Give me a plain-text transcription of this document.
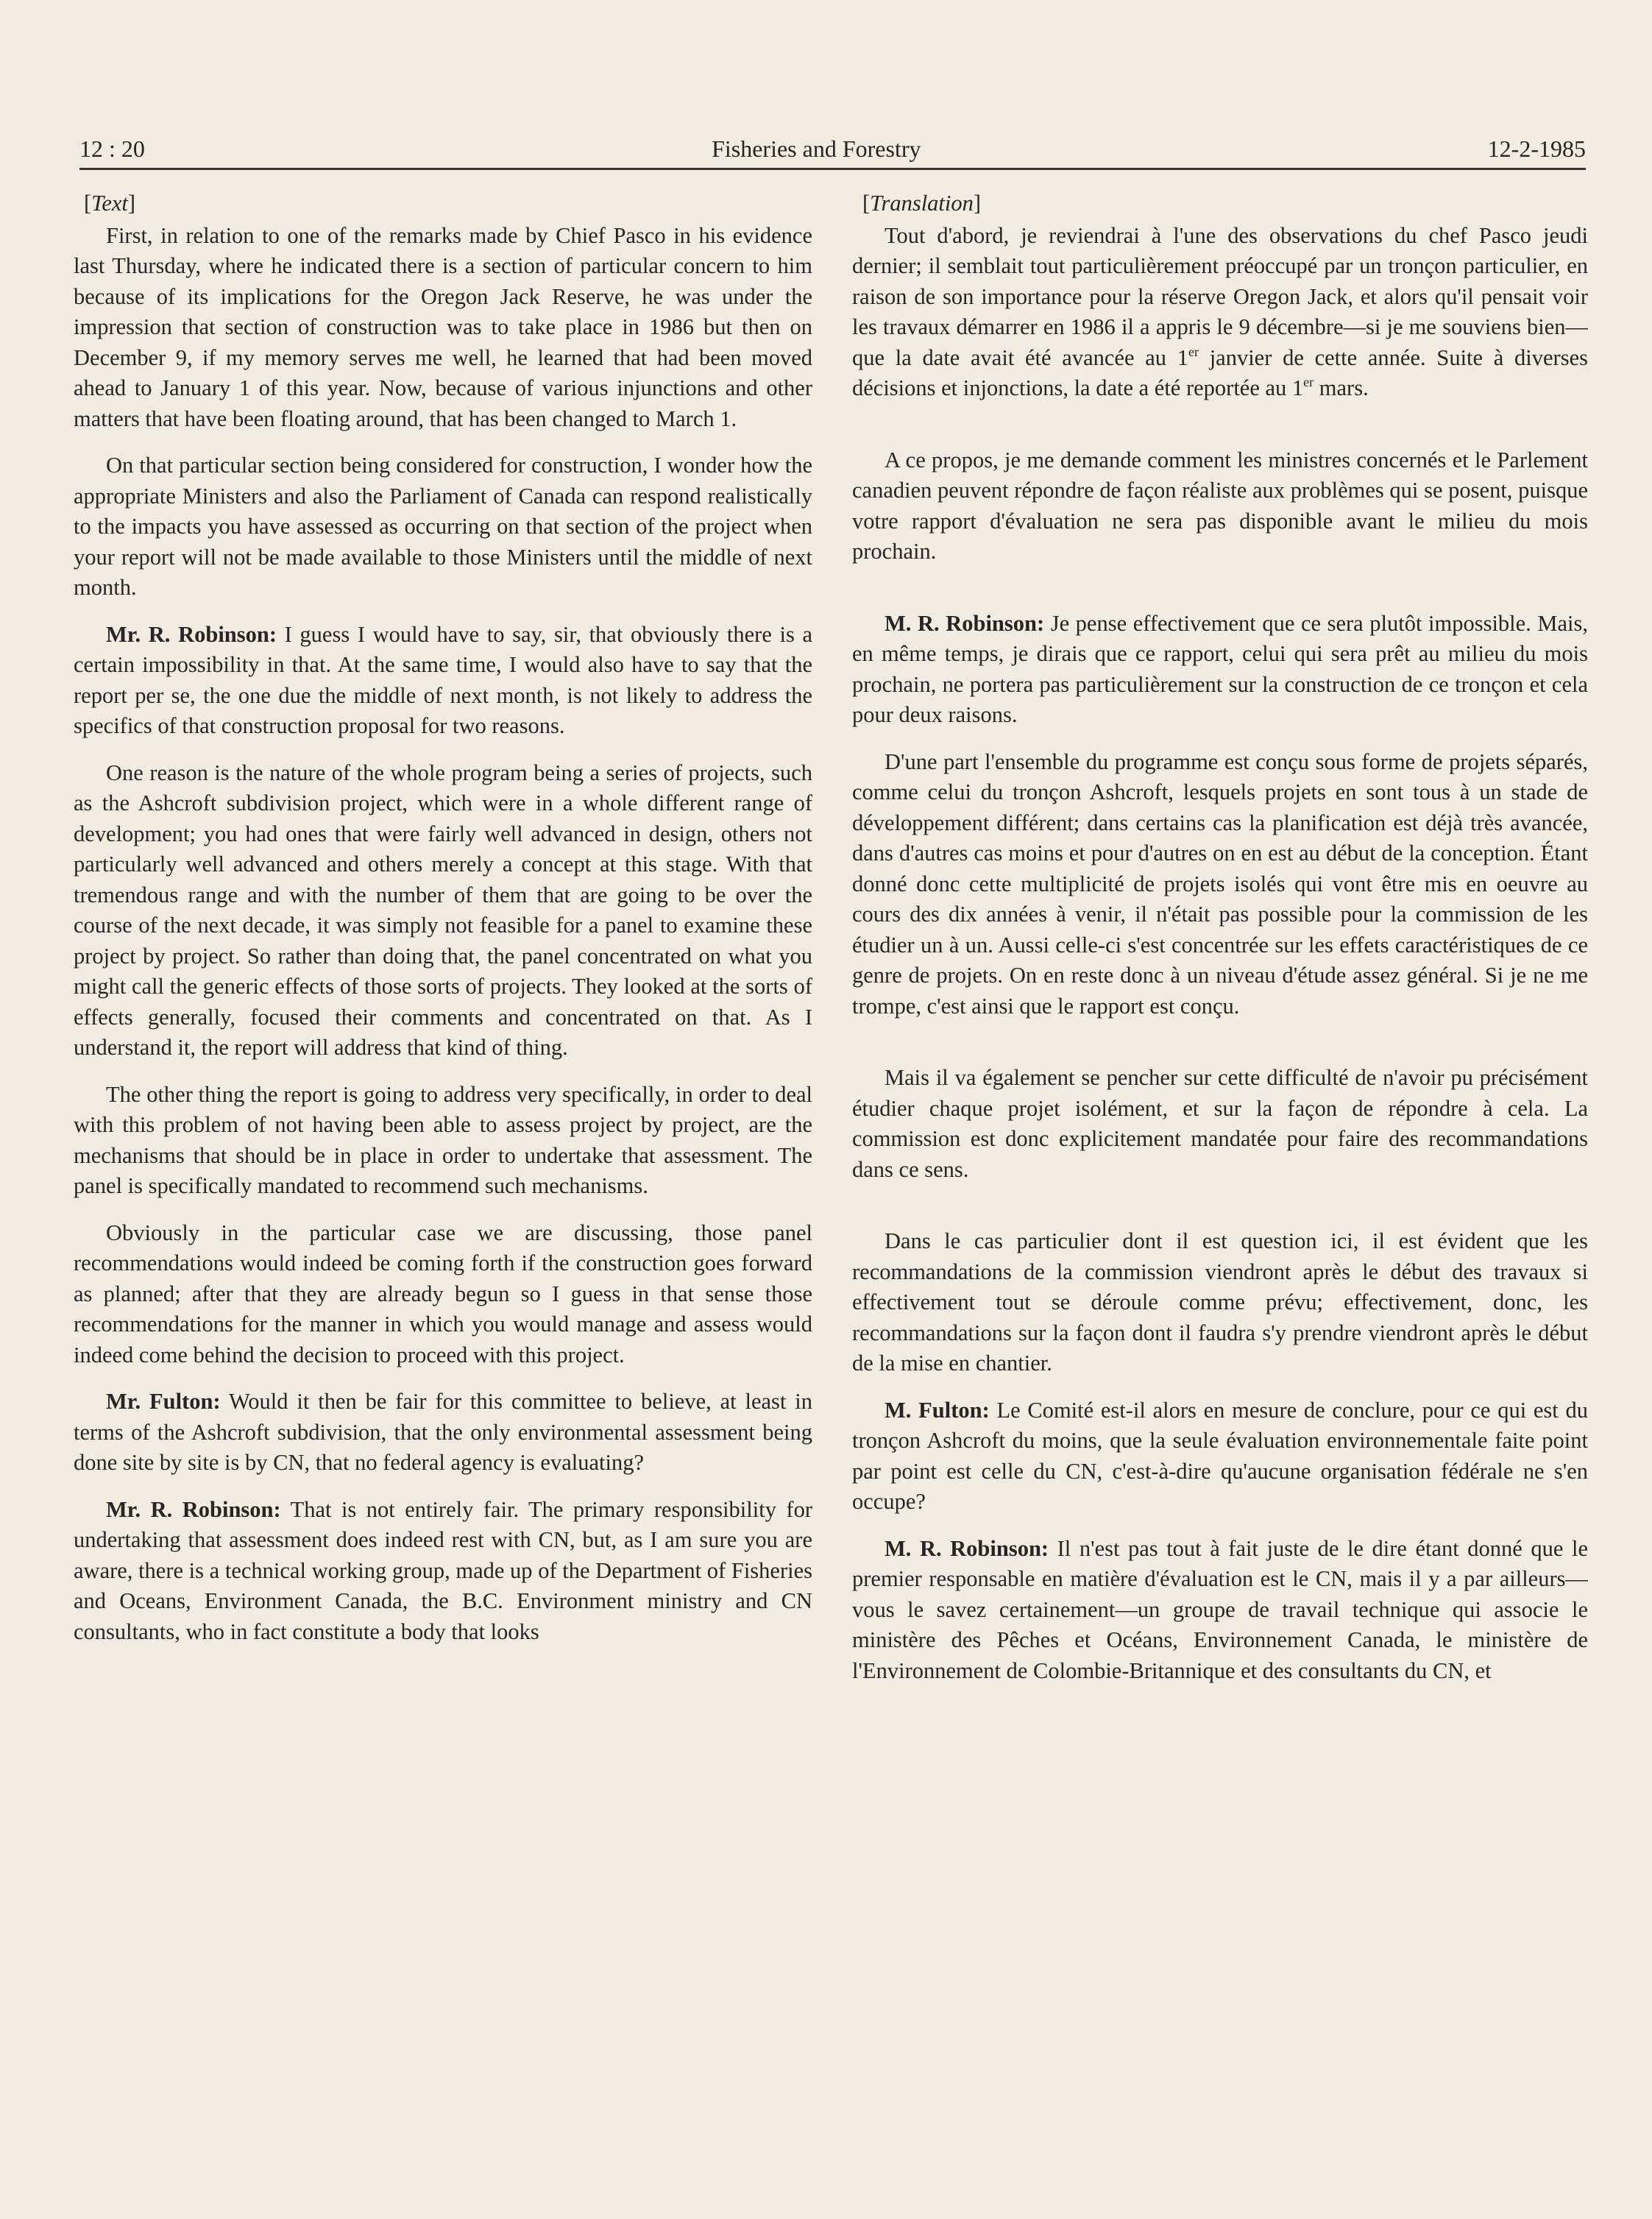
12 : 20	Fisheries and Forestry	12-2-1985
[Text]

First, in relation to one of the remarks made by Chief Pasco in his evidence last Thursday, where he indicated there is a section of particular concern to him because of its implications for the Oregon Jack Reserve, he was under the impression that section of construction was to take place in 1986 but then on December 9, if my memory serves me well, he learned that had been moved ahead to January 1 of this year. Now, because of various injunctions and other matters that have been floating around, that has been changed to March 1.

On that particular section being considered for construction, I wonder how the appropriate Ministers and also the Parliament of Canada can respond realistically to the impacts you have assessed as occurring on that section of the project when your report will not be made available to those Ministers until the middle of next month.

Mr. R. Robinson: I guess I would have to say, sir, that obviously there is a certain impossibility in that. At the same time, I would also have to say that the report per se, the one due the middle of next month, is not likely to address the specifics of that construction proposal for two reasons.

One reason is the nature of the whole program being a series of projects, such as the Ashcroft subdivision project, which were in a whole different range of development; you had ones that were fairly well advanced in design, others not particularly well advanced and others merely a concept at this stage. With that tremendous range and with the number of them that are going to be over the course of the next decade, it was simply not feasible for a panel to examine these project by project. So rather than doing that, the panel concentrated on what you might call the generic effects of those sorts of projects. They looked at the sorts of effects generally, focused their comments and concentrated on that. As I understand it, the report will address that kind of thing.

The other thing the report is going to address very specifically, in order to deal with this problem of not having been able to assess project by project, are the mechanisms that should be in place in order to undertake that assessment. The panel is specifically mandated to recommend such mechanisms.

Obviously in the particular case we are discussing, those panel recommendations would indeed be coming forth if the construction goes forward as planned; after that they are already begun so I guess in that sense those recommendations for the manner in which you would manage and assess would indeed come behind the decision to proceed with this project.

Mr. Fulton: Would it then be fair for this committee to believe, at least in terms of the Ashcroft subdivision, that the only environmental assessment being done site by site is by CN, that no federal agency is evaluating?

Mr. R. Robinson: That is not entirely fair. The primary responsibility for undertaking that assessment does indeed rest with CN, but, as I am sure you are aware, there is a technical working group, made up of the Department of Fisheries and Oceans, Environment Canada, the B.C. Environment ministry and CN consultants, who in fact constitute a body that looks

[Translation]

Tout d'abord, je reviendrai à l'une des observations du chef Pasco jeudi dernier; il semblait tout particulièrement préoccupé par un tronçon particulier, en raison de son importance pour la réserve Oregon Jack, et alors qu'il pensait voir les travaux démarrer en 1986 il a appris le 9 décembre—si je me souviens bien—que la date avait été avancée au 1er janvier de cette année. Suite à diverses décisions et injonctions, la date a été reportée au 1er mars.

A ce propos, je me demande comment les ministres concernés et le Parlement canadien peuvent répondre de façon réaliste aux problèmes qui se posent, puisque votre rapport d'évaluation ne sera pas disponible avant le milieu du mois prochain.

M. R. Robinson: Je pense effectivement que ce sera plutôt impossible. Mais, en même temps, je dirais que ce rapport, celui qui sera prêt au milieu du mois prochain, ne portera pas particulièrement sur la construction de ce tronçon et cela pour deux raisons.

D'une part l'ensemble du programme est conçu sous forme de projets séparés, comme celui du tronçon Ashcroft, lesquels projets en sont tous à un stade de développement différent; dans certains cas la planification est déjà très avancée, dans d'autres cas moins et pour d'autres on en est au début de la conception. Étant donné donc cette multiplicité de projets isolés qui vont être mis en oeuvre au cours des dix années à venir, il n'était pas possible pour la commission de les étudier un à un. Aussi celle-ci s'est concentrée sur les effets caractéristiques de ce genre de projets. On en reste donc à un niveau d'étude assez général. Si je ne me trompe, c'est ainsi que le rapport est conçu.

Mais il va également se pencher sur cette difficulté de n'avoir pu précisément étudier chaque projet isolément, et sur la façon de répondre à cela. La commission est donc explicitement mandatée pour faire des recommandations dans ce sens.

Dans le cas particulier dont il est question ici, il est évident que les recommandations de la commission viendront après le début des travaux si effectivement tout se déroule comme prévu; effectivement, donc, les recommandations sur la façon dont il faudra s'y prendre viendront après le début de la mise en chantier.

M. Fulton: Le Comité est-il alors en mesure de conclure, pour ce qui est du tronçon Ashcroft du moins, que la seule évaluation environnementale faite point par point est celle du CN, c'est-à-dire qu'aucune organisation fédérale ne s'en occupe?

M. R. Robinson: Il n'est pas tout à fait juste de le dire étant donné que le premier responsable en matière d'évaluation est le CN, mais il y a par ailleurs—vous le savez certainement—un groupe de travail technique qui associe le ministère des Pêches et Océans, Environnement Canada, le ministère de l'Environnement de Colombie-Britannique et des consultants du CN, et
